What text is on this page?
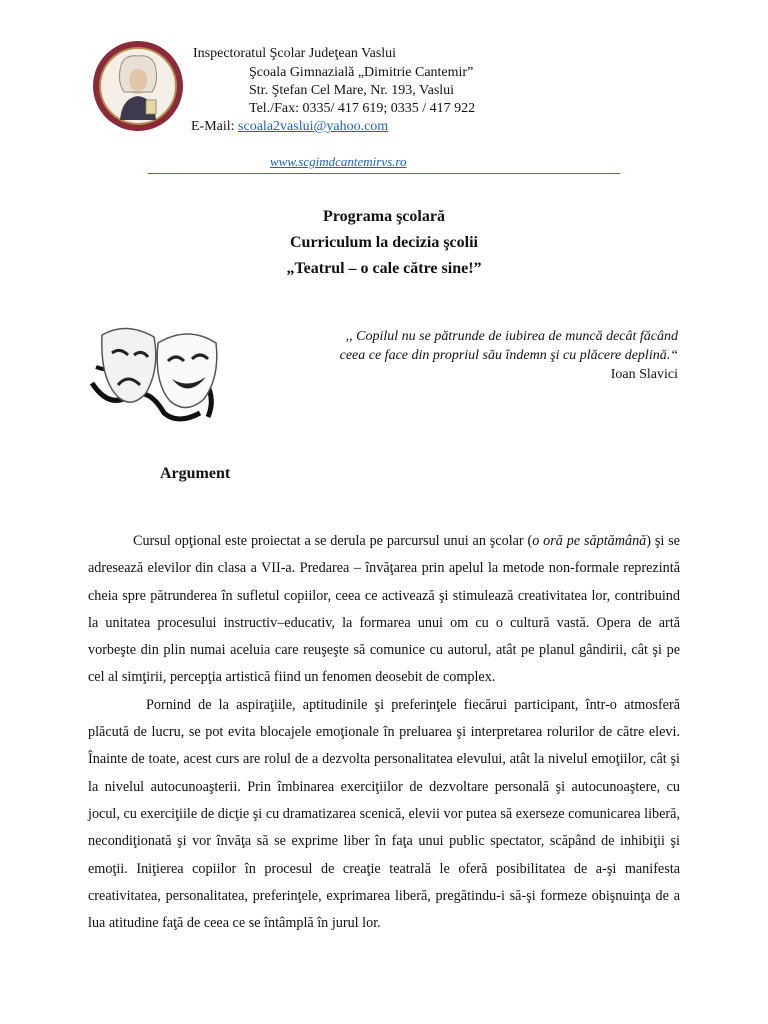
Inspectoratul Şcolar Judeţean Vaslui
Şcoala Gimnazială „Dimitrie Cantemir”
Str. Ştefan Cel Mare, Nr. 193, Vaslui
Tel./Fax: 0335/ 417 619; 0335 / 417 922
E-Mail: scoala2vaslui@yahoo.com
www.scgimdcantemirvs.ro
Programa şcolară
Curriculum la decizia şcolii
„Teatrul – o cale către sine!”
,, Copilul nu se pătrunde de iubirea de muncă decât făcând
ceea ce face din propriul său îndemn şi cu plăcere deplină.“
Ioan Slavici
Argument

Cursul opţional este proiectat a se derula pe parcursul unui an şcolar (o oră pe săptămână) şi se adresează elevilor din clasa a VII-a. Predarea – învăţarea prin apelul la metode non-formale reprezintă cheia spre pătrunderea în sufletul copiilor, ceea ce activează şi stimulează creativitatea lor, contribuind la unitatea procesului instructiv–educativ, la formarea unui om cu o cultură vastă. Opera de artă vorbeşte din plin numai aceluia care reuşeşte să comunice cu autorul, atât pe planul gândirii, cât şi pe cel al simţirii, percepţia artistică fiind un fenomen deosebit de complex.

Pornind de la aspiraţiile, aptitudinile şi preferinţele fiecărui participant, într-o atmosferă plăcută de lucru, se pot evita blocajele emoţionale în preluarea şi interpretarea rolurilor de către elevi. Înainte de toate, acest curs are rolul de a dezvolta personalitatea elevului, atât la nivelul emoţiilor, cât şi la nivelul autocunoaşterii. Prin îmbinarea exerciţiilor de dezvoltare personală şi autocunoaştere, cu jocul, cu exerciţiile de dicţie şi cu dramatizarea scenică, elevii vor putea să exerseze comunicarea liberă, necondiţionată şi vor învăţa să se exprime liber în faţa unui public spectator, scăpând de inhibiţii şi emoţii. Iniţierea copiilor în procesul de creaţie teatrală le oferă posibilitatea de a-şi manifesta creativitatea, personalitatea, preferinţele, exprimarea liberă, pregătindu-i să-şi formeze obişnuinţa de a lua atitudine faţă de ceea ce se întâmplă în jurul lor.
